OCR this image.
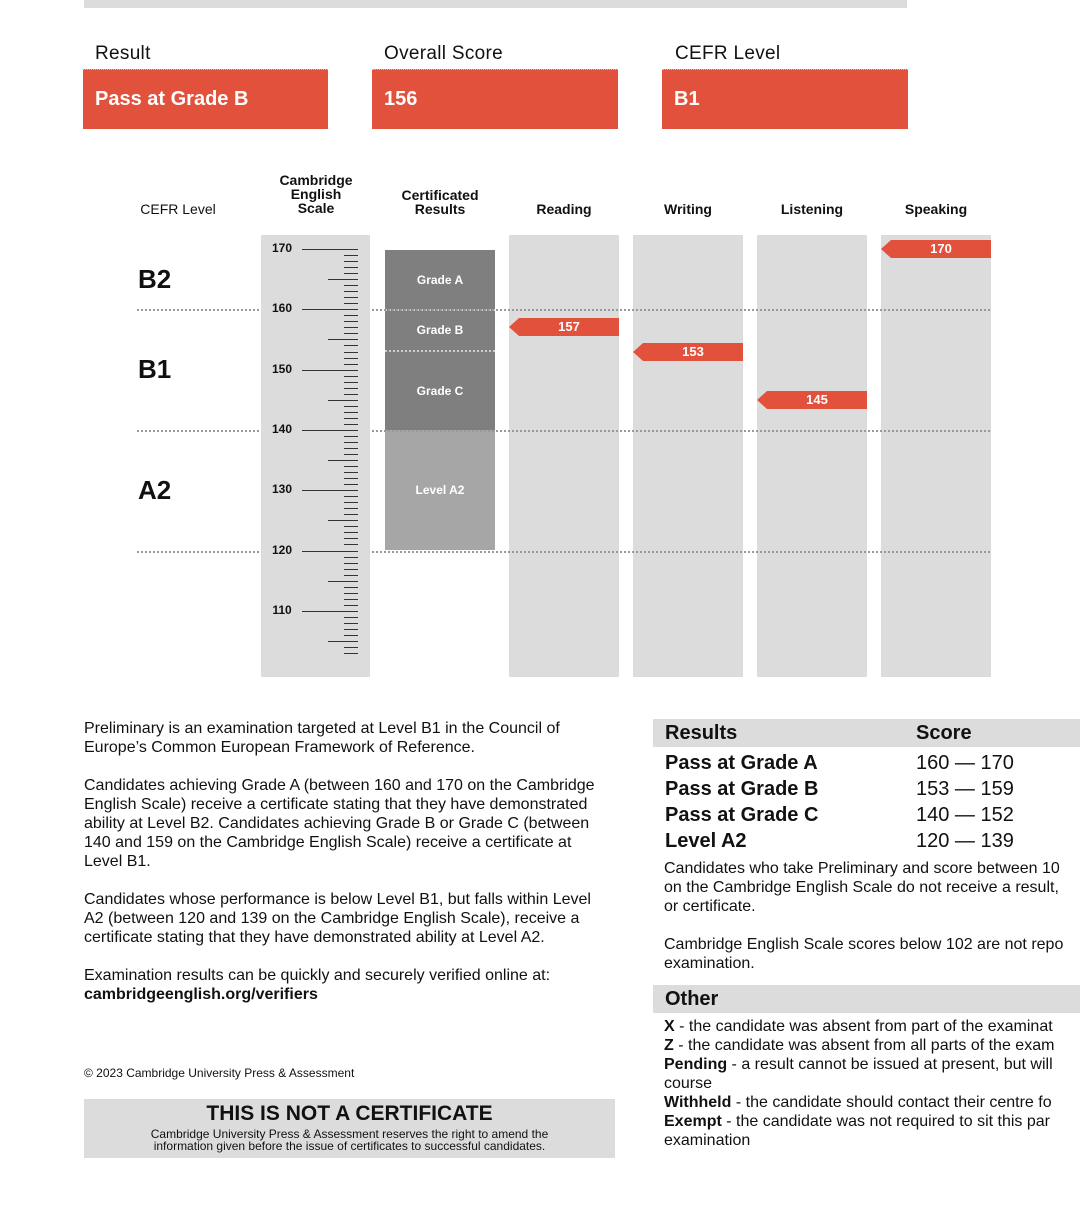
Result
Pass at Grade B
Overall Score
156
CEFR Level
B1
CEFR Level
Cambridge
English
Scale
Certificated
Results	Reading	Writing	Listening	Speaking
B2
B1
A2
170
160
150
140
130
120
110
Grade A
Grade B
Grade C
Level A2
157
153
145
170

Preliminary is an examination targeted at Level B1 in the Council of Europe’s Common European Framework of Reference.

Candidates achieving Grade A (between 160 and 170 on the Cambridge English Scale) receive a certificate stating that they have demonstrated ability at Level B2. Candidates achieving Grade B or Grade C (between 140 and 159 on the Cambridge English Scale) receive a certificate at Level B1.

Candidates whose performance is below Level B1, but falls within Level A2 (between 120 and 139 on the Cambridge English Scale), receive a certificate stating that they have demonstrated ability at Level A2.

Examination results can be quickly and securely verified online at:

cambridgeenglish.org/verifiers

© 2023 Cambridge University Press & Assessment
THIS IS NOT A CERTIFICATE
Cambridge University Press & Assessment reserves the right to amend the
information given before the issue of certificates to successful candidates.
Results	Score
Pass at Grade A	160 — 170
Pass at Grade B	153 — 159
Pass at Grade C	140 — 152
Level A2	120 — 139
Candidates who take Preliminary and score between 10
on the Cambridge English Scale do not receive a result,
or certificate.
Cambridge English Scale scores below 102 are not repo
examination.
Other
X - the candidate was absent from part of the examinat
Z - the candidate was absent from all parts of the exam
Pending - a result cannot be issued at present, but will
course
Withheld - the candidate should contact their centre fo
Exempt - the candidate was not required to sit this par
examination
